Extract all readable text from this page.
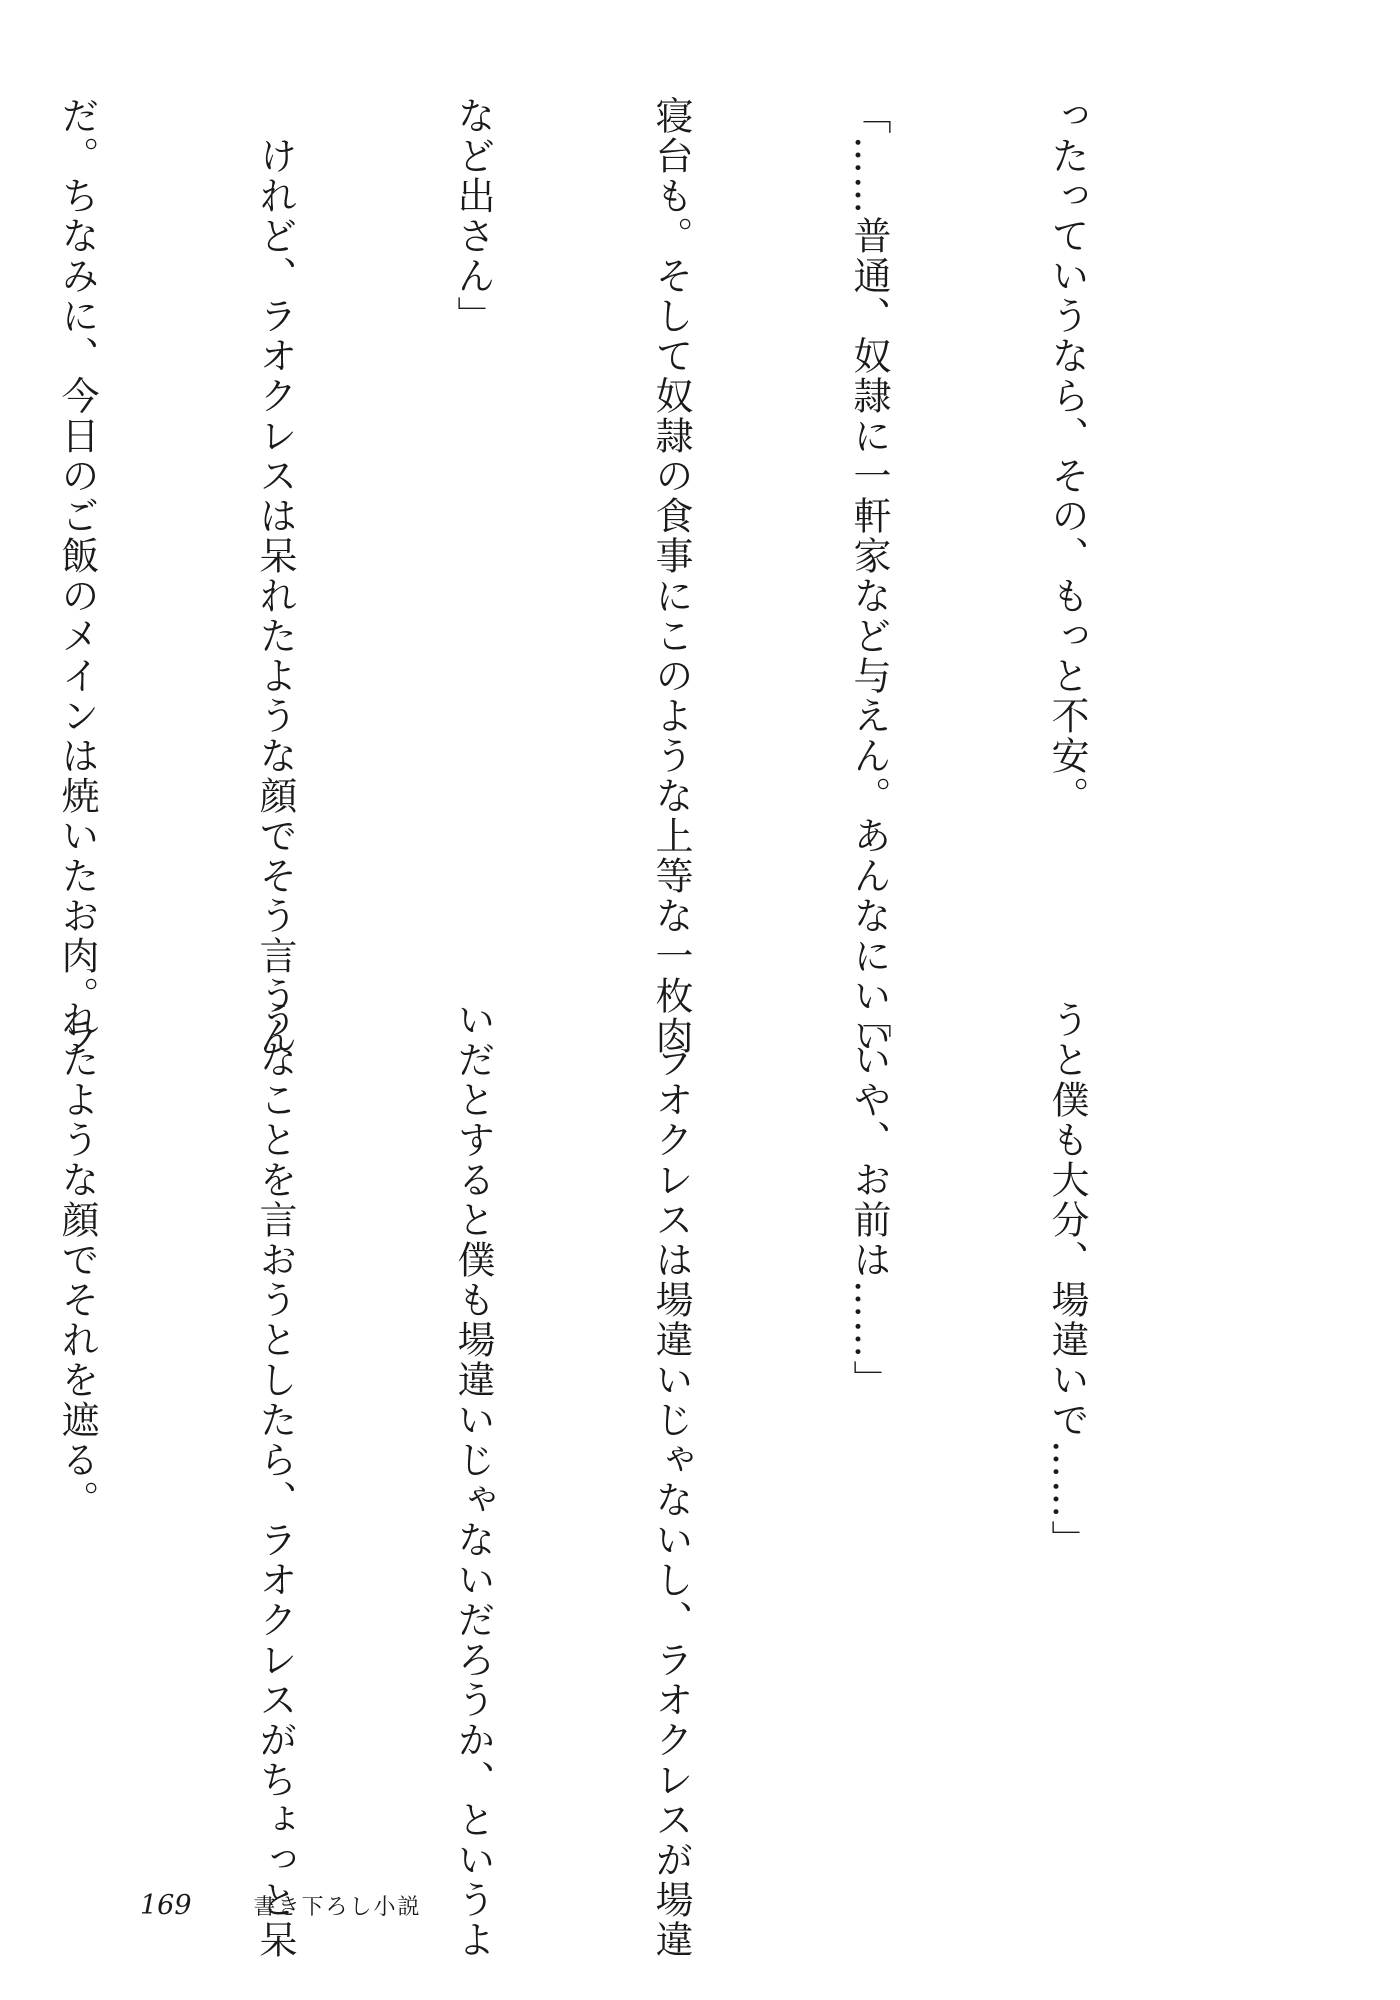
ったっていうなら、その、もっと不安。

「……普通、奴隷に一軒家など与えん。あんなにいい

寝台も。そして奴隷の食事にこのような上等な一枚肉

など出さん」

　けれど、ラオクレスは呆れたような顔でそう言うん

だ。ちなみに、今日のご飯のメインは焼いたお肉。ラ

うと僕も大分、場違いで……」

「いや、お前は……」

　ラオクレスは場違いじゃないし、ラオクレスが場違

いだとすると僕も場違いじゃないだろうか、というよ

うなことを言おうとしたら、ラオクレスがちょっと呆

れたような顔でそれを遮る。

169	書き下ろし小説
